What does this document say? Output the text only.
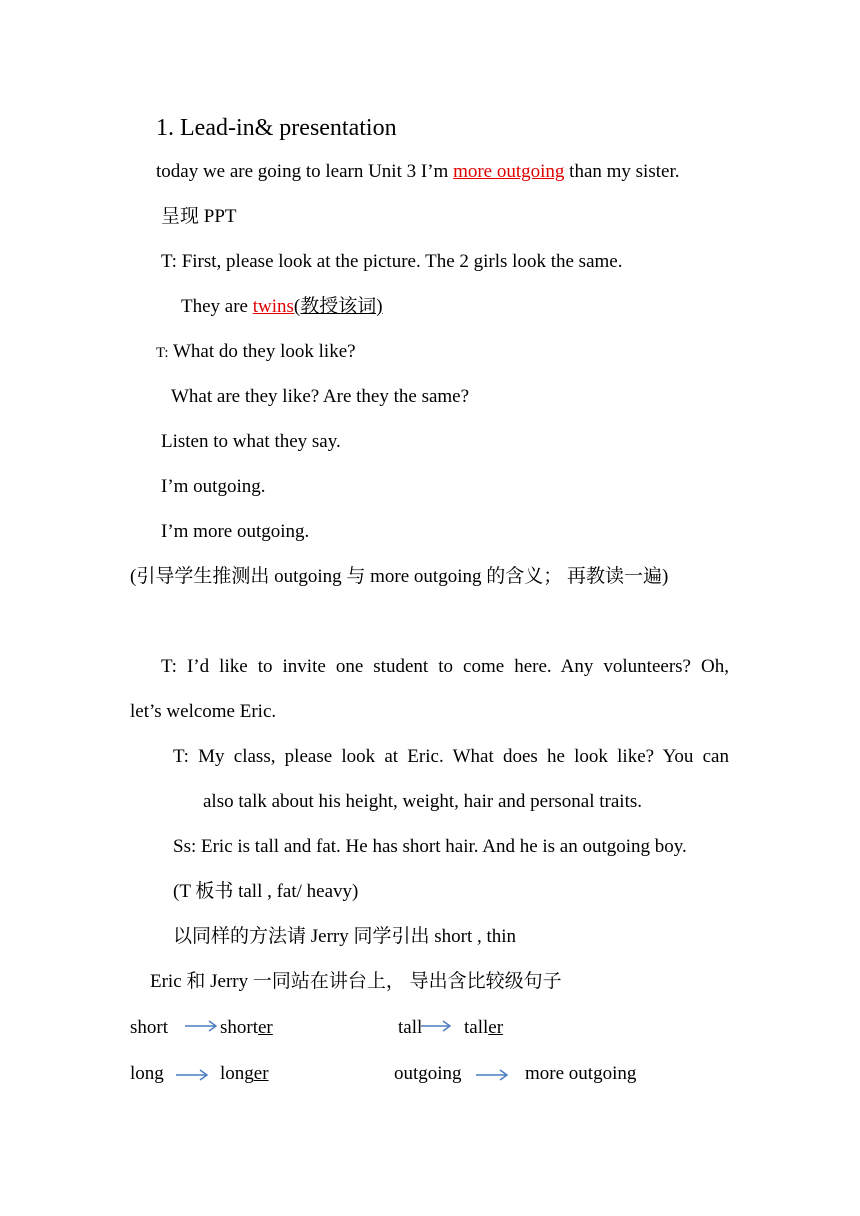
1. Lead-in& presentation
today we are going to learn Unit 3 I’m more outgoing than my sister.
呈现 PPT
T: First, please look at the picture. The 2 girls look the same.
They are twins(教授该词)
T: What do they look like?
What are they like? Are they the same?
Listen to what they say.
I’m outgoing.
I’m more outgoing.
(引导学生推测出 outgoing 与 more outgoing 的含义； 再教读一遍)
T: I’d like to invite one student to come here. Any volunteers? Oh,
let’s welcome Eric.
T: My class, please look at Eric. What does he look like? You can
also talk about his height, weight, hair and personal traits.
Ss: Eric is tall and fat. He has short hair. And he is an outgoing boy.
(T 板书 tall , fat/ heavy)
以同样的方法请 Jerry 同学引出 short , thin
Eric 和 Jerry 一同站在讲台上， 导出含比较级句子
short	shorter	tall taller
long	longer	outgoing	more outgoing
